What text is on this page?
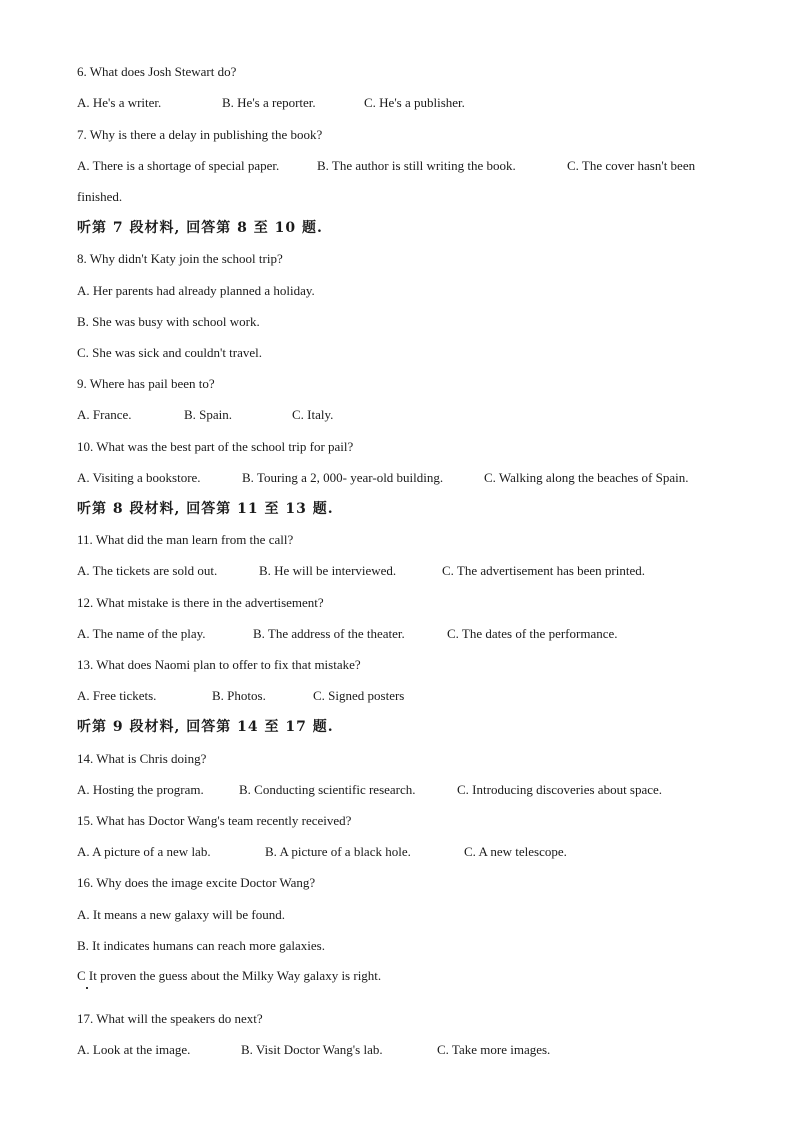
6. What does Josh Stewart do?
A. He's a writer.	B. He's a reporter.	C. He's a publisher.
7. Why is there a delay in publishing the book?
A. There is a shortage of special paper.	B. The author is still writing the book.	C. The cover hasn't been
finished.
听第 7 段材料, 回答第 8 至 10 题.
8. Why didn't Katy join the school trip?
A. Her parents had already planned a holiday.
B. She was busy with school work.
C. She was sick and couldn't travel.
9. Where has pail been to?
A. France.	B. Spain.	C. Italy.
10. What was the best part of the school trip for pail?
A. Visiting a bookstore.	B. Touring a 2, 000- year-old building.	C. Walking along the beaches of Spain.
听第 8 段材料, 回答第 11 至 13 题.
11. What did the man learn from the call?
A. The tickets are sold out.	B. He will be interviewed.	C. The advertisement has been printed.
12. What mistake is there in the advertisement?
A. The name of the play.	B. The address of the theater.	C. The dates of the performance.
13. What does Naomi plan to offer to fix that mistake?
A. Free tickets.	B. Photos.	C. Signed posters
听第 9 段材料, 回答第 14 至 17 题.
14. What is Chris doing?
A. Hosting the program.	B. Conducting scientific research.	C. Introducing discoveries about space.
15. What has Doctor Wang's team recently received?
A. A picture of a new lab.	B. A picture of a black hole.	C. A new telescope.
16. Why does the image excite Doctor Wang?
A. It means a new galaxy will be found.
B. It indicates humans can reach more galaxies.
C It proven the guess about the Milky Way galaxy is right.
17. What will the speakers do next?
A. Look at the image.	B. Visit Doctor Wang's lab.	C. Take more images.
